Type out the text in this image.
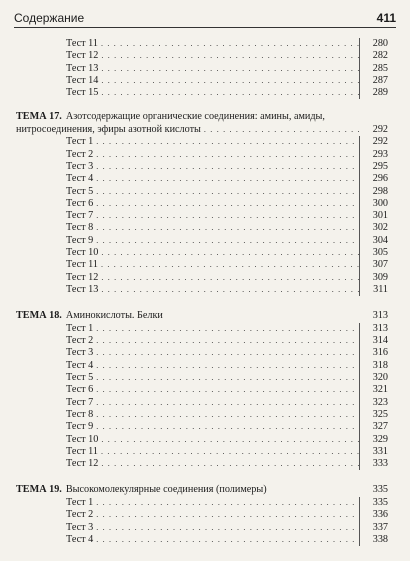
Содержание	411
Тест 11 . . .	280
Тест 12 . . .	282
Тест 13 . . .	285
Тест 14 . . .	287
Тест 15 . . .	289
ТЕМА 17. Азотсодержащие органические соединения: амины, амиды,
нитросоединения, эфиры азотной кислоты . . .	292
Тест 1 . . .	292
Тест 2 . . .	293
Тест 3 . . .	295
Тест 4 . . .	296
Тест 5 . . .	298
Тест 6 . . .	300
Тест 7 . . .	301
Тест 8 . . .	302
Тест 9 . . .	304
Тест 10 . . .	305
Тест 11 . . .	307
Тест 12 . . .	309
Тест 13 . . .	311
ТЕМА 18. Аминокислоты. Белки	313
Тест 1 . . .	313
Тест 2 . . .	314
Тест 3 . . .	316
Тест 4 . . .	318
Тест 5 . . .	320
Тест 6 . . .	321
Тест 7 . . .	323
Тест 8 . . .	325
Тест 9 . . .	327
Тест 10 . . .	329
Тест 11 . . .	331
Тест 12 . . .	333
ТЕМА 19. Высокомолекулярные соединения (полимеры)	335
Тест 1 . . .	335
Тест 2 . . .	336
Тест 3 . . .	337
Тест 4 . . .	338
